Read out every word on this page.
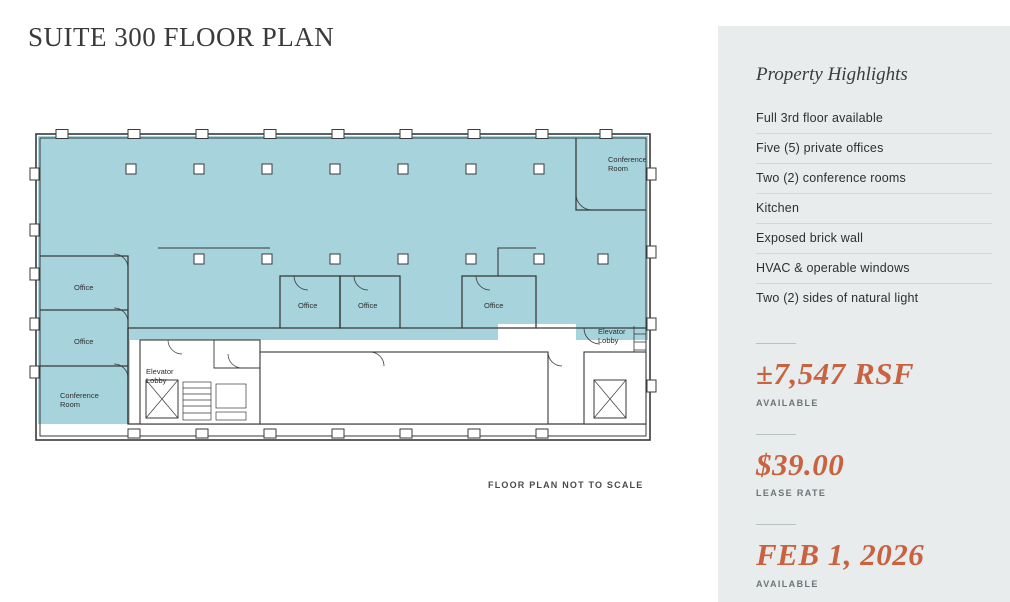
SUITE 300 FLOOR PLAN
Conference Room
Office
Office
Conference Room
Office	Office	Office
Elevator Lobby
Elevator Lobby
FLOOR PLAN NOT TO SCALE
Property Highlights
Full 3rd floor available
Five (5) private offices
Two (2) conference rooms
Kitchen
Exposed brick wall
HVAC & operable windows
Two (2) sides of natural light
±7,547 RSF
AVAILABLE
$39.00
LEASE RATE
FEB 1, 2026
AVAILABLE
